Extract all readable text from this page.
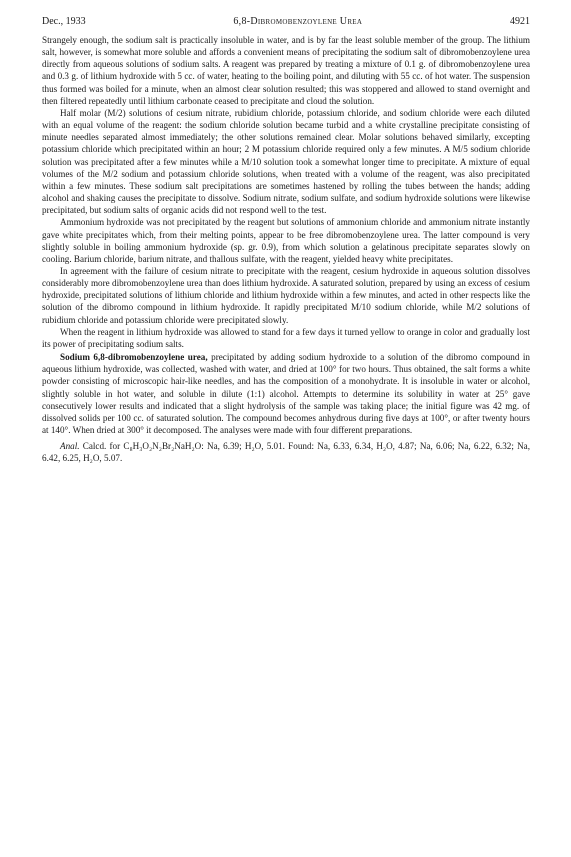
Dec., 1933	6,8-Dibromobenzoylene Urea	4921

Strangely enough, the sodium salt is practically insoluble in water, and is by far the least soluble member of the group. The lithium salt, however, is somewhat more soluble and affords a convenient means of precipitating the sodium salt of dibromobenzoylene urea directly from aqueous solutions of sodium salts. A reagent was prepared by treating a mixture of 0.1 g. of dibromobenzoylene urea and 0.3 g. of lithium hydroxide with 5 cc. of water, heating to the boiling point, and diluting with 55 cc. of hot water. The suspension thus formed was boiled for a minute, when an almost clear solution resulted; this was stoppered and allowed to stand overnight and then filtered repeatedly until lithium carbonate ceased to precipitate and cloud the solution.

Half molar (M/2) solutions of cesium nitrate, rubidium chloride, potassium chloride, and sodium chloride were each diluted with an equal volume of the reagent: the sodium chloride solution became turbid and a white crystalline precipitate consisting of minute needles separated almost immediately; the other solutions remained clear. Molar solutions behaved similarly, excepting potassium chloride which precipitated within an hour; 2 M potassium chloride required only a few minutes. A M/5 sodium chloride solution was precipitated after a few minutes while a M/10 solution took a somewhat longer time to precipitate. A mixture of equal volumes of the M/2 sodium and potassium chloride solutions, when treated with a volume of the reagent, was also precipitated within a few minutes. These sodium salt precipitations are sometimes hastened by rolling the tubes between the hands; adding alcohol and shaking causes the precipitate to dissolve. Sodium nitrate, sodium sulfate, and sodium hydroxide solutions were likewise precipitated, but sodium salts of organic acids did not respond well to the test.

Ammonium hydroxide was not precipitated by the reagent but solutions of ammonium chloride and ammonium nitrate instantly gave white precipitates which, from their melting points, appear to be free dibromobenzoylene urea. The latter compound is very slightly soluble in boiling ammonium hydroxide (sp. gr. 0.9), from which solution a gelatinous precipitate separates slowly on cooling. Barium chloride, barium nitrate, and thallous sulfate, with the reagent, yielded heavy white precipitates.

In agreement with the failure of cesium nitrate to precipitate with the reagent, cesium hydroxide in aqueous solution dissolves considerably more dibromobenzoylene urea than does lithium hydroxide. A saturated solution, prepared by using an excess of cesium hydroxide, precipitated solutions of lithium chloride and lithium hydroxide within a few minutes, and acted in other respects like the solution of the dibromo compound in lithium hydroxide. It rapidly precipitated M/10 sodium chloride, while M/2 solutions of rubidium chloride and potassium chloride were precipitated slowly.

When the reagent in lithium hydroxide was allowed to stand for a few days it turned yellow to orange in color and gradually lost its power of precipitating sodium salts.

Sodium 6,8-dibromobenzoylene urea, precipitated by adding sodium hydroxide to a solution of the dibromo compound in aqueous lithium hydroxide, was collected, washed with water, and dried at 100° for two hours. Thus obtained, the salt forms a white powder consisting of microscopic hair-like needles, and has the composition of a monohydrate. It is insoluble in water or alcohol, slightly soluble in hot water, and soluble in dilute (1:1) alcohol. Attempts to determine its solubility in water at 25° gave consecutively lower results and indicated that a slight hydrolysis of the sample was taking place; the initial figure was 42 mg. of dissolved solids per 100 cc. of saturated solution. The compound becomes anhydrous during five days at 100°, or after twenty hours at 140°. When dried at 300° it decomposed. The analyses were made with four different preparations.

Anal. Calcd. for C₈H₃O₂N₂Br₂NaH₂O: Na, 6.39; H₂O, 5.01. Found: Na, 6.33, 6.34, H₂O, 4.87; Na, 6.06; Na, 6.22, 6.32; Na, 6.42, 6.25, H₂O, 5.07.
